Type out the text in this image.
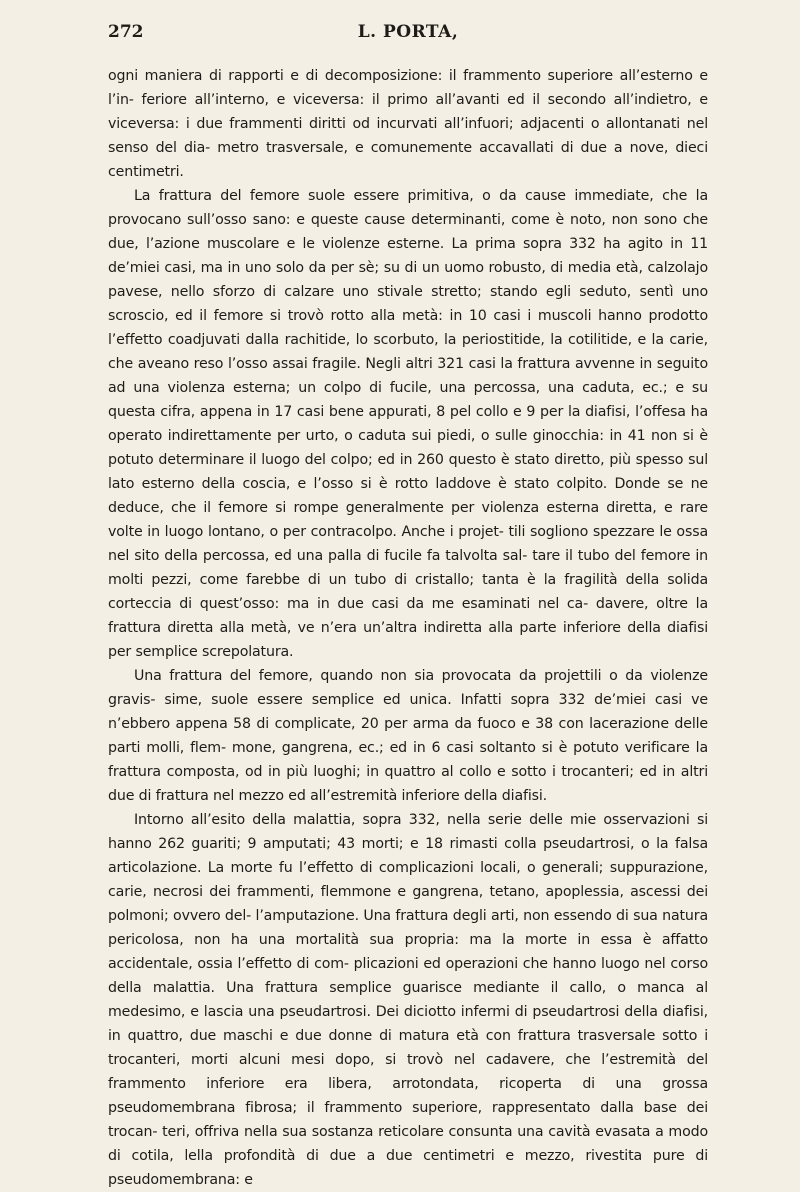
272	L. PORTA,

ogni maniera di rapporti e di decomposizione: il frammento superiore all’esterno e l’in- feriore all’interno, e viceversa: il primo all’avanti ed il secondo all’indietro, e viceversa: i due frammenti diritti od incurvati all’infuori; adjacenti o allontanati nel senso del dia- metro trasversale, e comunemente accavallati di due a nove, dieci centimetri.

La frattura del femore suole essere primitiva, o da cause immediate, che la provocano sull’osso sano: e queste cause determinanti, come è noto, non sono che due, l’azione muscolare e le violenze esterne. La prima sopra 332 ha agito in 11 de’miei casi, ma in uno solo da per sè; su di un uomo robusto, di media età, calzolajo pavese, nello sforzo di calzare uno stivale stretto; stando egli seduto, sentì uno scroscio, ed il femore si trovò rotto alla metà: in 10 casi i muscoli hanno prodotto l’effetto coadjuvati dalla rachitide, lo scorbuto, la periostitide, la cotilitide, e la carie, che aveano reso l’osso assai fragile. Negli altri 321 casi la frattura avvenne in seguito ad una violenza esterna; un colpo di fucile, una percossa, una caduta, ec.; e su questa cifra, appena in 17 casi bene appurati, 8 pel collo e 9 per la diafisi, l’offesa ha operato indirettamente per urto, o caduta sui piedi, o sulle ginocchia: in 41 non si è potuto determinare il luogo del colpo; ed in 260 questo è stato diretto, più spesso sul lato esterno della coscia, e l’osso si è rotto laddove è stato colpito. Donde se ne deduce, che il femore si rompe generalmente per violenza esterna diretta, e rare volte in luogo lontano, o per contracolpo. Anche i projet- tili sogliono spezzare le ossa nel sito della percossa, ed una palla di fucile fa talvolta sal- tare il tubo del femore in molti pezzi, come farebbe di un tubo di cristallo; tanta è la fragilità della solida corteccia di quest’osso: ma in due casi da me esaminati nel ca- davere, oltre la frattura diretta alla metà, ve n’era un’altra indiretta alla parte inferiore della diafisi per semplice screpolatura.

Una frattura del femore, quando non sia provocata da projettili o da violenze gravis- sime, suole essere semplice ed unica. Infatti sopra 332 de’miei casi ve n’ebbero appena 58 di complicate, 20 per arma da fuoco e 38 con lacerazione delle parti molli, flem- mone, gangrena, ec.; ed in 6 casi soltanto si è potuto verificare la frattura composta, od in più luoghi; in quattro al collo e sotto i trocanteri; ed in altri due di frattura nel mezzo ed all’estremità inferiore della diafisi.

Intorno all’esito della malattia, sopra 332, nella serie delle mie osservazioni si hanno 262 guariti; 9 amputati; 43 morti; e 18 rimasti colla pseudartrosi, o la falsa articolazione. La morte fu l’effetto di complicazioni locali, o generali; suppurazione, carie, necrosi dei frammenti, flemmone e gangrena, tetano, apoplessia, ascessi dei polmoni; ovvero del- l’amputazione. Una frattura degli arti, non essendo di sua natura pericolosa, non ha una mortalità sua propria: ma la morte in essa è affatto accidentale, ossia l’effetto di com- plicazioni ed operazioni che hanno luogo nel corso della malattia. Una frattura semplice guarisce mediante il callo, o manca al medesimo, e lascia una pseudartrosi. Dei diciotto infermi di pseudartrosi della diafisi, in quattro, due maschi e due donne di matura età con frattura trasversale sotto i trocanteri, morti alcuni mesi dopo, si trovò nel cadavere, che l’estremità del frammento inferiore era libera, arrotondata, ricoperta di una grossa pseudomembrana fibrosa; il frammento superiore, rappresentato dalla base dei trocan- teri, offriva nella sua sostanza reticolare consunta una cavità evasata a modo di cotila, lella profondità di due a due centimetri e mezzo, rivestita pure di pseudomembrana: e
